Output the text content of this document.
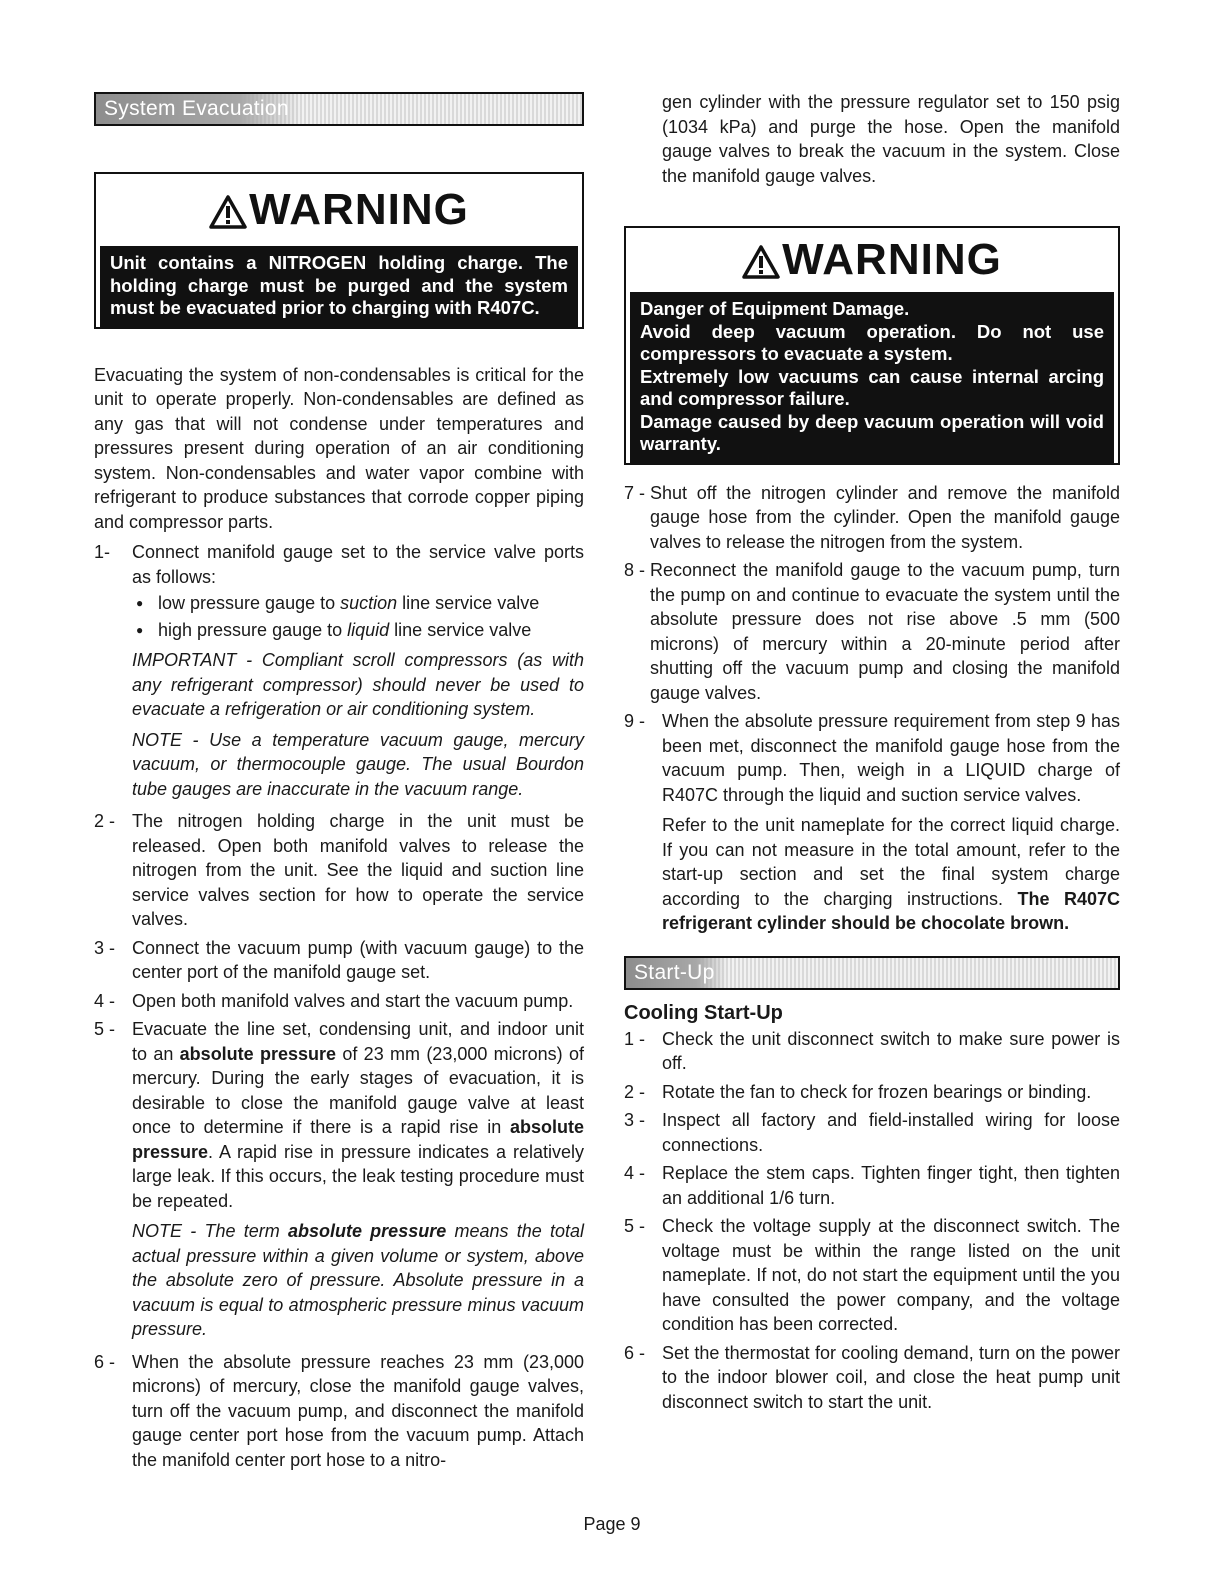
System Evacuation
WARNING
Unit contains a NITROGEN holding charge. The holding charge must be purged and the system must be evacuated prior to charging with R407C.

Evacuating the system of non-condensables is critical for the unit to operate properly. Non-condensables are defined as any gas that will not condense under temperatures and pressures present during operation of an air conditioning system. Non-condensables and water vapor combine with refrigerant to produce substances that corrode copper piping and compressor parts.

1-	Connect manifold gauge set to the service valve ports as follows:
● low pressure gauge to suction line service valve
● high pressure gauge to liquid line service valve

IMPORTANT - Compliant scroll compressors (as with any refrigerant compressor) should never be used to evacuate a refrigeration or air conditioning system.

NOTE - Use a temperature vacuum gauge, mercury vacuum, or thermocouple gauge. The usual Bourdon tube gauges are inaccurate in the vacuum range.

2 - The nitrogen holding charge in the unit must be released. Open both manifold valves to release the nitrogen from the unit. See the liquid and suction line service valves section for how to operate the service valves.
3 - Connect the vacuum pump (with vacuum gauge) to the center port of the manifold gauge set.
4 - Open both manifold valves and start the vacuum pump.
5 - Evacuate the line set, condensing unit, and indoor unit to an absolute pressure of 23 mm (23,000 microns) of mercury. During the early stages of evacuation, it is desirable to close the manifold gauge valve at least once to determine if there is a rapid rise in absolute pressure. A rapid rise in pressure indicates a relatively large leak. If this occurs, the leak testing procedure must be repeated.

NOTE - The term absolute pressure means the total actual pressure within a given volume or system, above the absolute zero of pressure. Absolute pressure in a vacuum is equal to atmospheric pressure minus vacuum pressure.

6 - When the absolute pressure reaches 23 mm (23,000 microns) of mercury, close the manifold gauge valves, turn off the vacuum pump, and disconnect the manifold gauge center port hose from the vacuum pump. Attach the manifold center port hose to a nitro-
gen cylinder with the pressure regulator set to 150 psig (1034 kPa) and purge the hose. Open the manifold gauge valves to break the vacuum in the system. Close the manifold gauge valves.
WARNING
Danger of Equipment Damage.
Avoid deep vacuum operation. Do not use compressors to evacuate a system.
Extremely low vacuums can cause internal arcing and compressor failure.
Damage caused by deep vacuum operation will void warranty.
7 - Shut off the nitrogen cylinder and remove the manifold gauge hose from the cylinder. Open the manifold gauge valves to release the nitrogen from the system.
8 - Reconnect the manifold gauge to the vacuum pump, turn the pump on and continue to evacuate the system until the absolute pressure does not rise above .5 mm (500 microns) of mercury within a 20-minute period after shutting off the vacuum pump and closing the manifold gauge valves.
9 - When the absolute pressure requirement from step 9 has been met, disconnect the manifold gauge hose from the vacuum pump. Then, weigh in a LIQUID charge of R407C through the liquid and suction service valves.

Refer to the unit nameplate for the correct liquid charge. If you can not measure in the total amount, refer to the start-up section and set the final system charge according to the charging instructions. The R407C refrigerant cylinder should be chocolate brown.

Start-Up
Cooling Start-Up
1 - Check the unit disconnect switch to make sure power is off.
2 - Rotate the fan to check for frozen bearings or binding.
3 - Inspect all factory and field-installed wiring for loose connections.
4 - Replace the stem caps. Tighten finger tight, then tighten an additional 1/6 turn.
5 - Check the voltage supply at the disconnect switch. The voltage must be within the range listed on the unit nameplate. If not, do not start the equipment until the you have consulted the power company, and the voltage condition has been corrected.
6 - Set the thermostat for cooling demand, turn on the power to the indoor blower coil, and close the heat pump unit disconnect switch to start the unit.
Page 9
